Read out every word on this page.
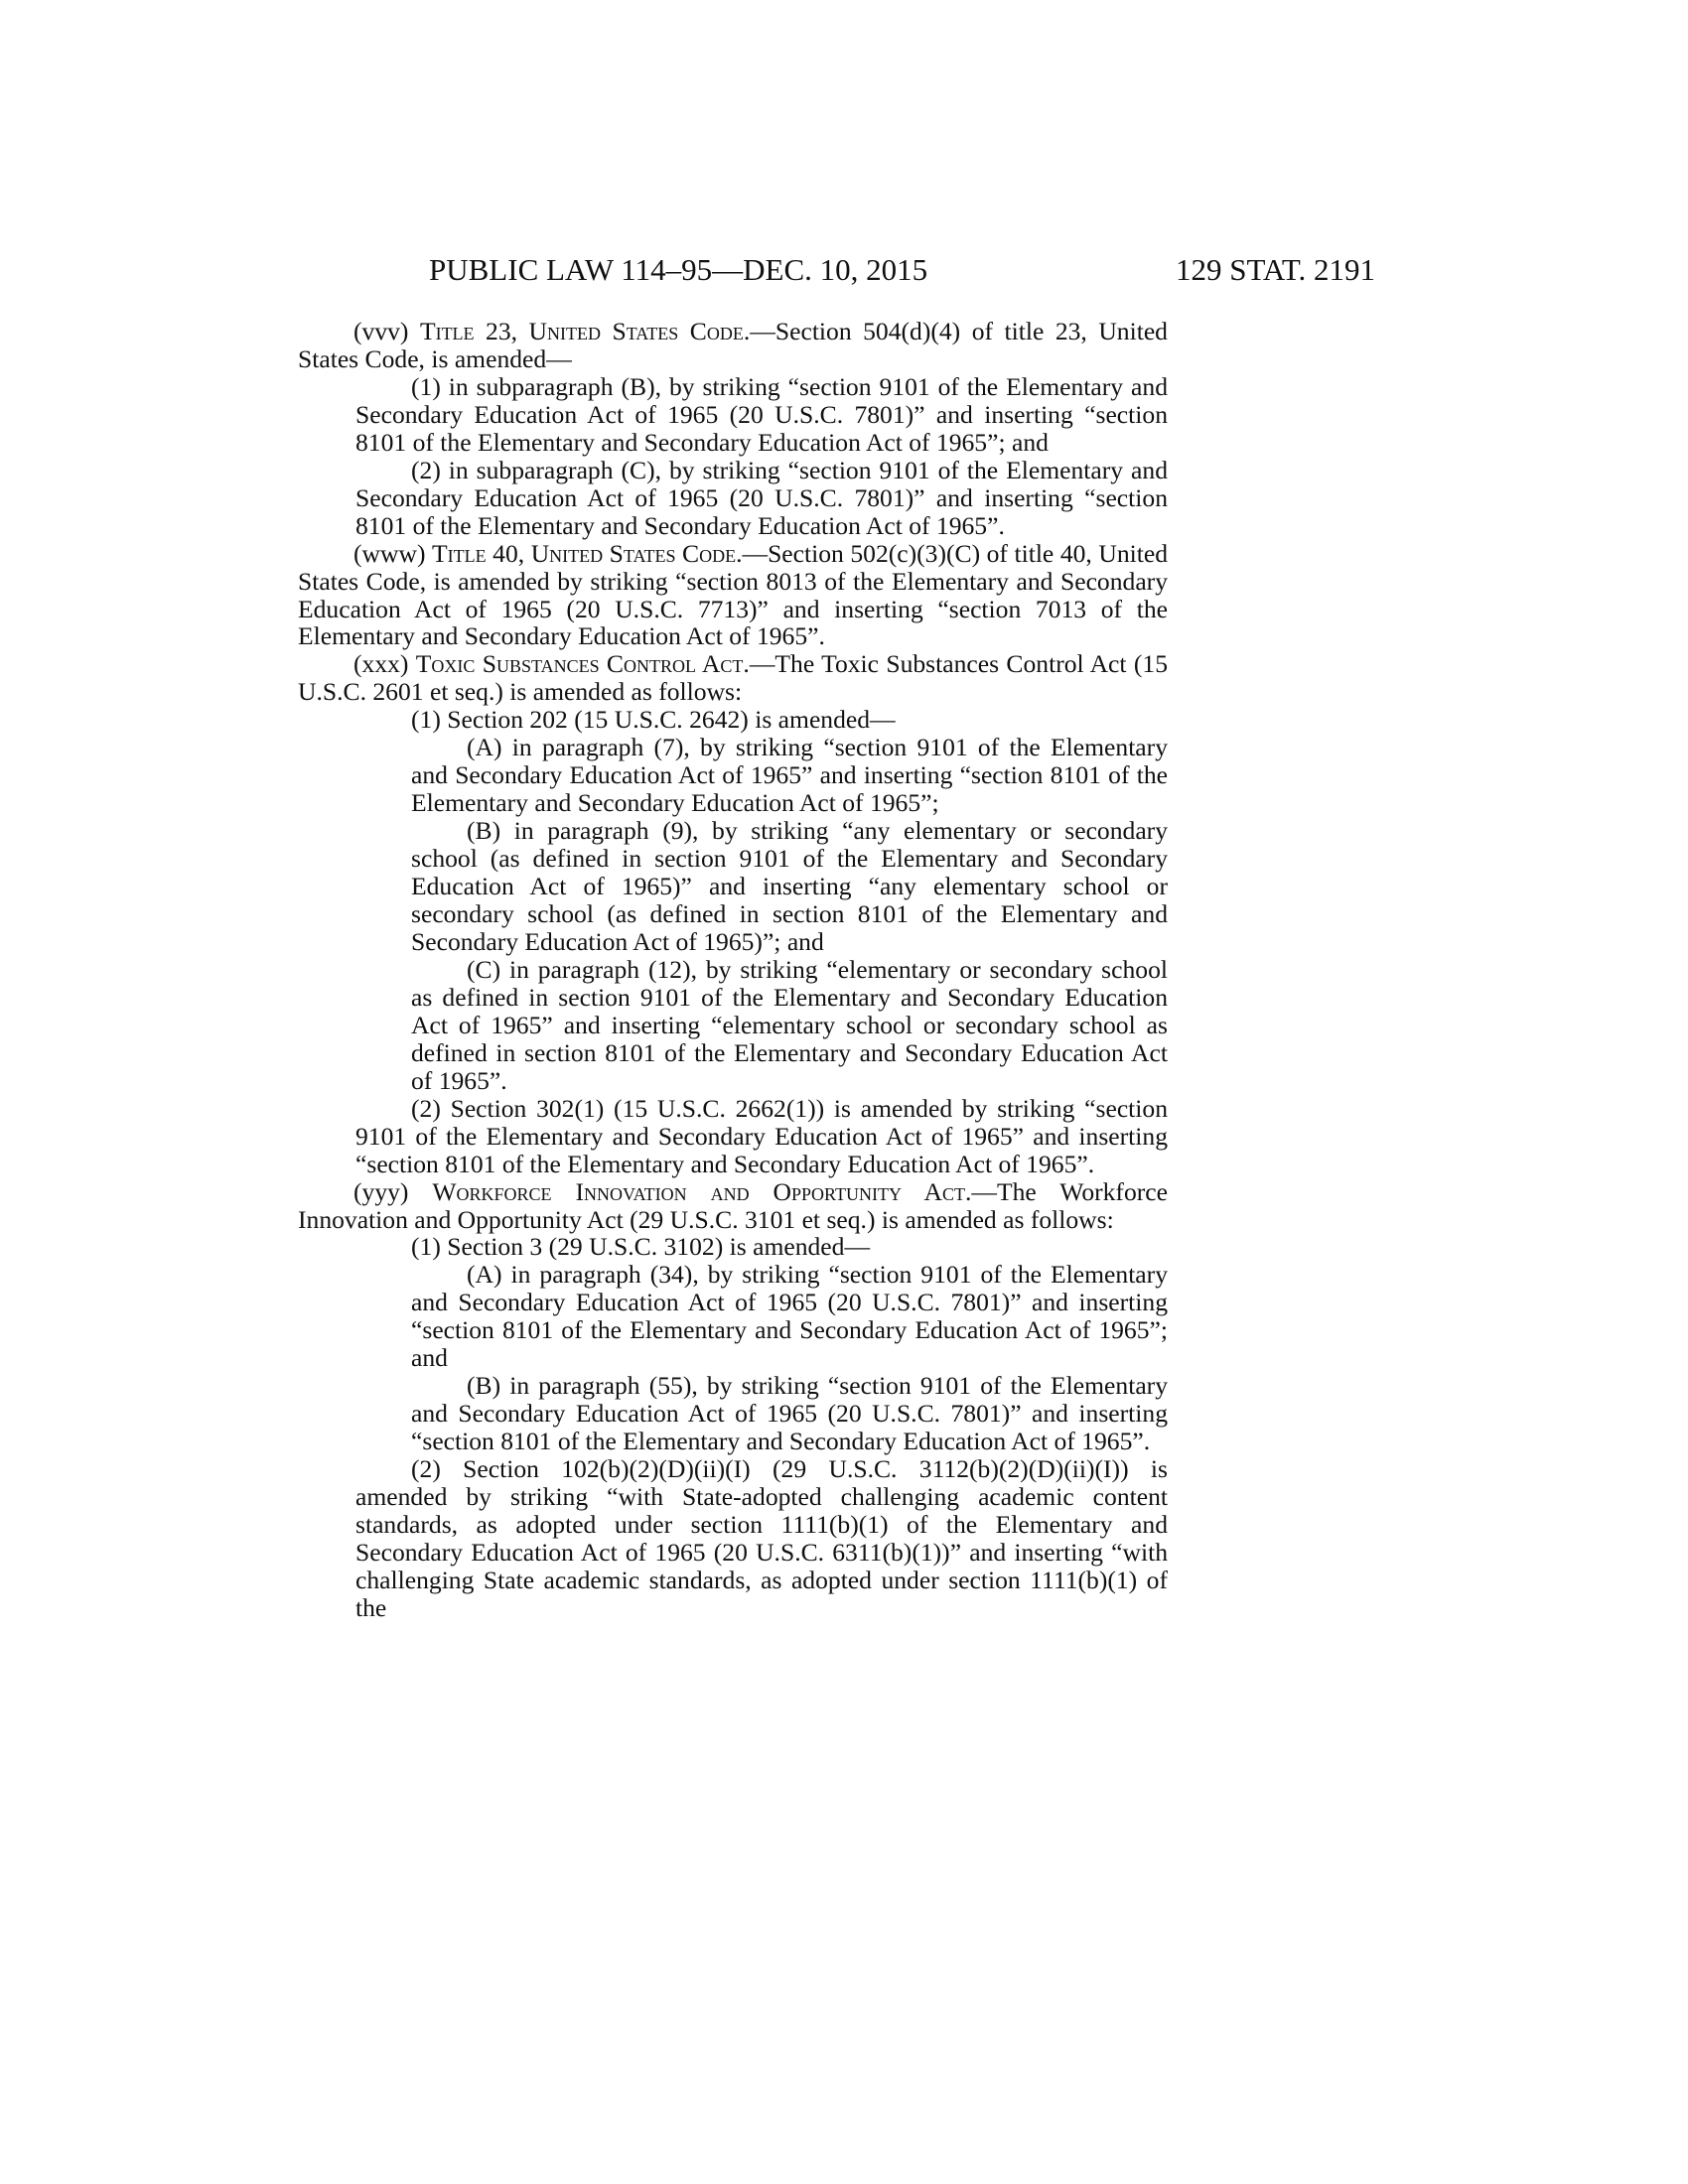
PUBLIC LAW 114–95—DEC. 10, 2015	129 STAT. 2191

(vvv) Title 23, United States Code.—Section 504(d)(4) of title 23, United States Code, is amended—

(1) in subparagraph (B), by striking “section 9101 of the Elementary and Secondary Education Act of 1965 (20 U.S.C. 7801)” and inserting “section 8101 of the Elementary and Secondary Education Act of 1965”; and

(2) in subparagraph (C), by striking “section 9101 of the Elementary and Secondary Education Act of 1965 (20 U.S.C. 7801)” and inserting “section 8101 of the Elementary and Secondary Education Act of 1965”.

(www) Title 40, United States Code.—Section 502(c)(3)(C) of title 40, United States Code, is amended by striking “section 8013 of the Elementary and Secondary Education Act of 1965 (20 U.S.C. 7713)” and inserting “section 7013 of the Elementary and Secondary Education Act of 1965”.

(xxx) Toxic Substances Control Act.—The Toxic Substances Control Act (15 U.S.C. 2601 et seq.) is amended as follows:

(1) Section 202 (15 U.S.C. 2642) is amended—

(A) in paragraph (7), by striking “section 9101 of the Elementary and Secondary Education Act of 1965” and inserting “section 8101 of the Elementary and Secondary Education Act of 1965”;

(B) in paragraph (9), by striking “any elementary or secondary school (as defined in section 9101 of the Elementary and Secondary Education Act of 1965)” and inserting “any elementary school or secondary school (as defined in section 8101 of the Elementary and Secondary Education Act of 1965)”; and

(C) in paragraph (12), by striking “elementary or secondary school as defined in section 9101 of the Elementary and Secondary Education Act of 1965” and inserting “elementary school or secondary school as defined in section 8101 of the Elementary and Secondary Education Act of 1965”.

(2) Section 302(1) (15 U.S.C. 2662(1)) is amended by striking “section 9101 of the Elementary and Secondary Education Act of 1965” and inserting “section 8101 of the Elementary and Secondary Education Act of 1965”.

(yyy) Workforce Innovation and Opportunity Act.—The Workforce Innovation and Opportunity Act (29 U.S.C. 3101 et seq.) is amended as follows:

(1) Section 3 (29 U.S.C. 3102) is amended—

(A) in paragraph (34), by striking “section 9101 of the Elementary and Secondary Education Act of 1965 (20 U.S.C. 7801)” and inserting “section 8101 of the Elementary and Secondary Education Act of 1965”; and

(B) in paragraph (55), by striking “section 9101 of the Elementary and Secondary Education Act of 1965 (20 U.S.C. 7801)” and inserting “section 8101 of the Elementary and Secondary Education Act of 1965”.

(2) Section 102(b)(2)(D)(ii)(I) (29 U.S.C. 3112(b)(2)(D)(ii)(I)) is amended by striking “with State-adopted challenging academic content standards, as adopted under section 1111(b)(1) of the Elementary and Secondary Education Act of 1965 (20 U.S.C. 6311(b)(1))” and inserting “with challenging State academic standards, as adopted under section 1111(b)(1) of the
